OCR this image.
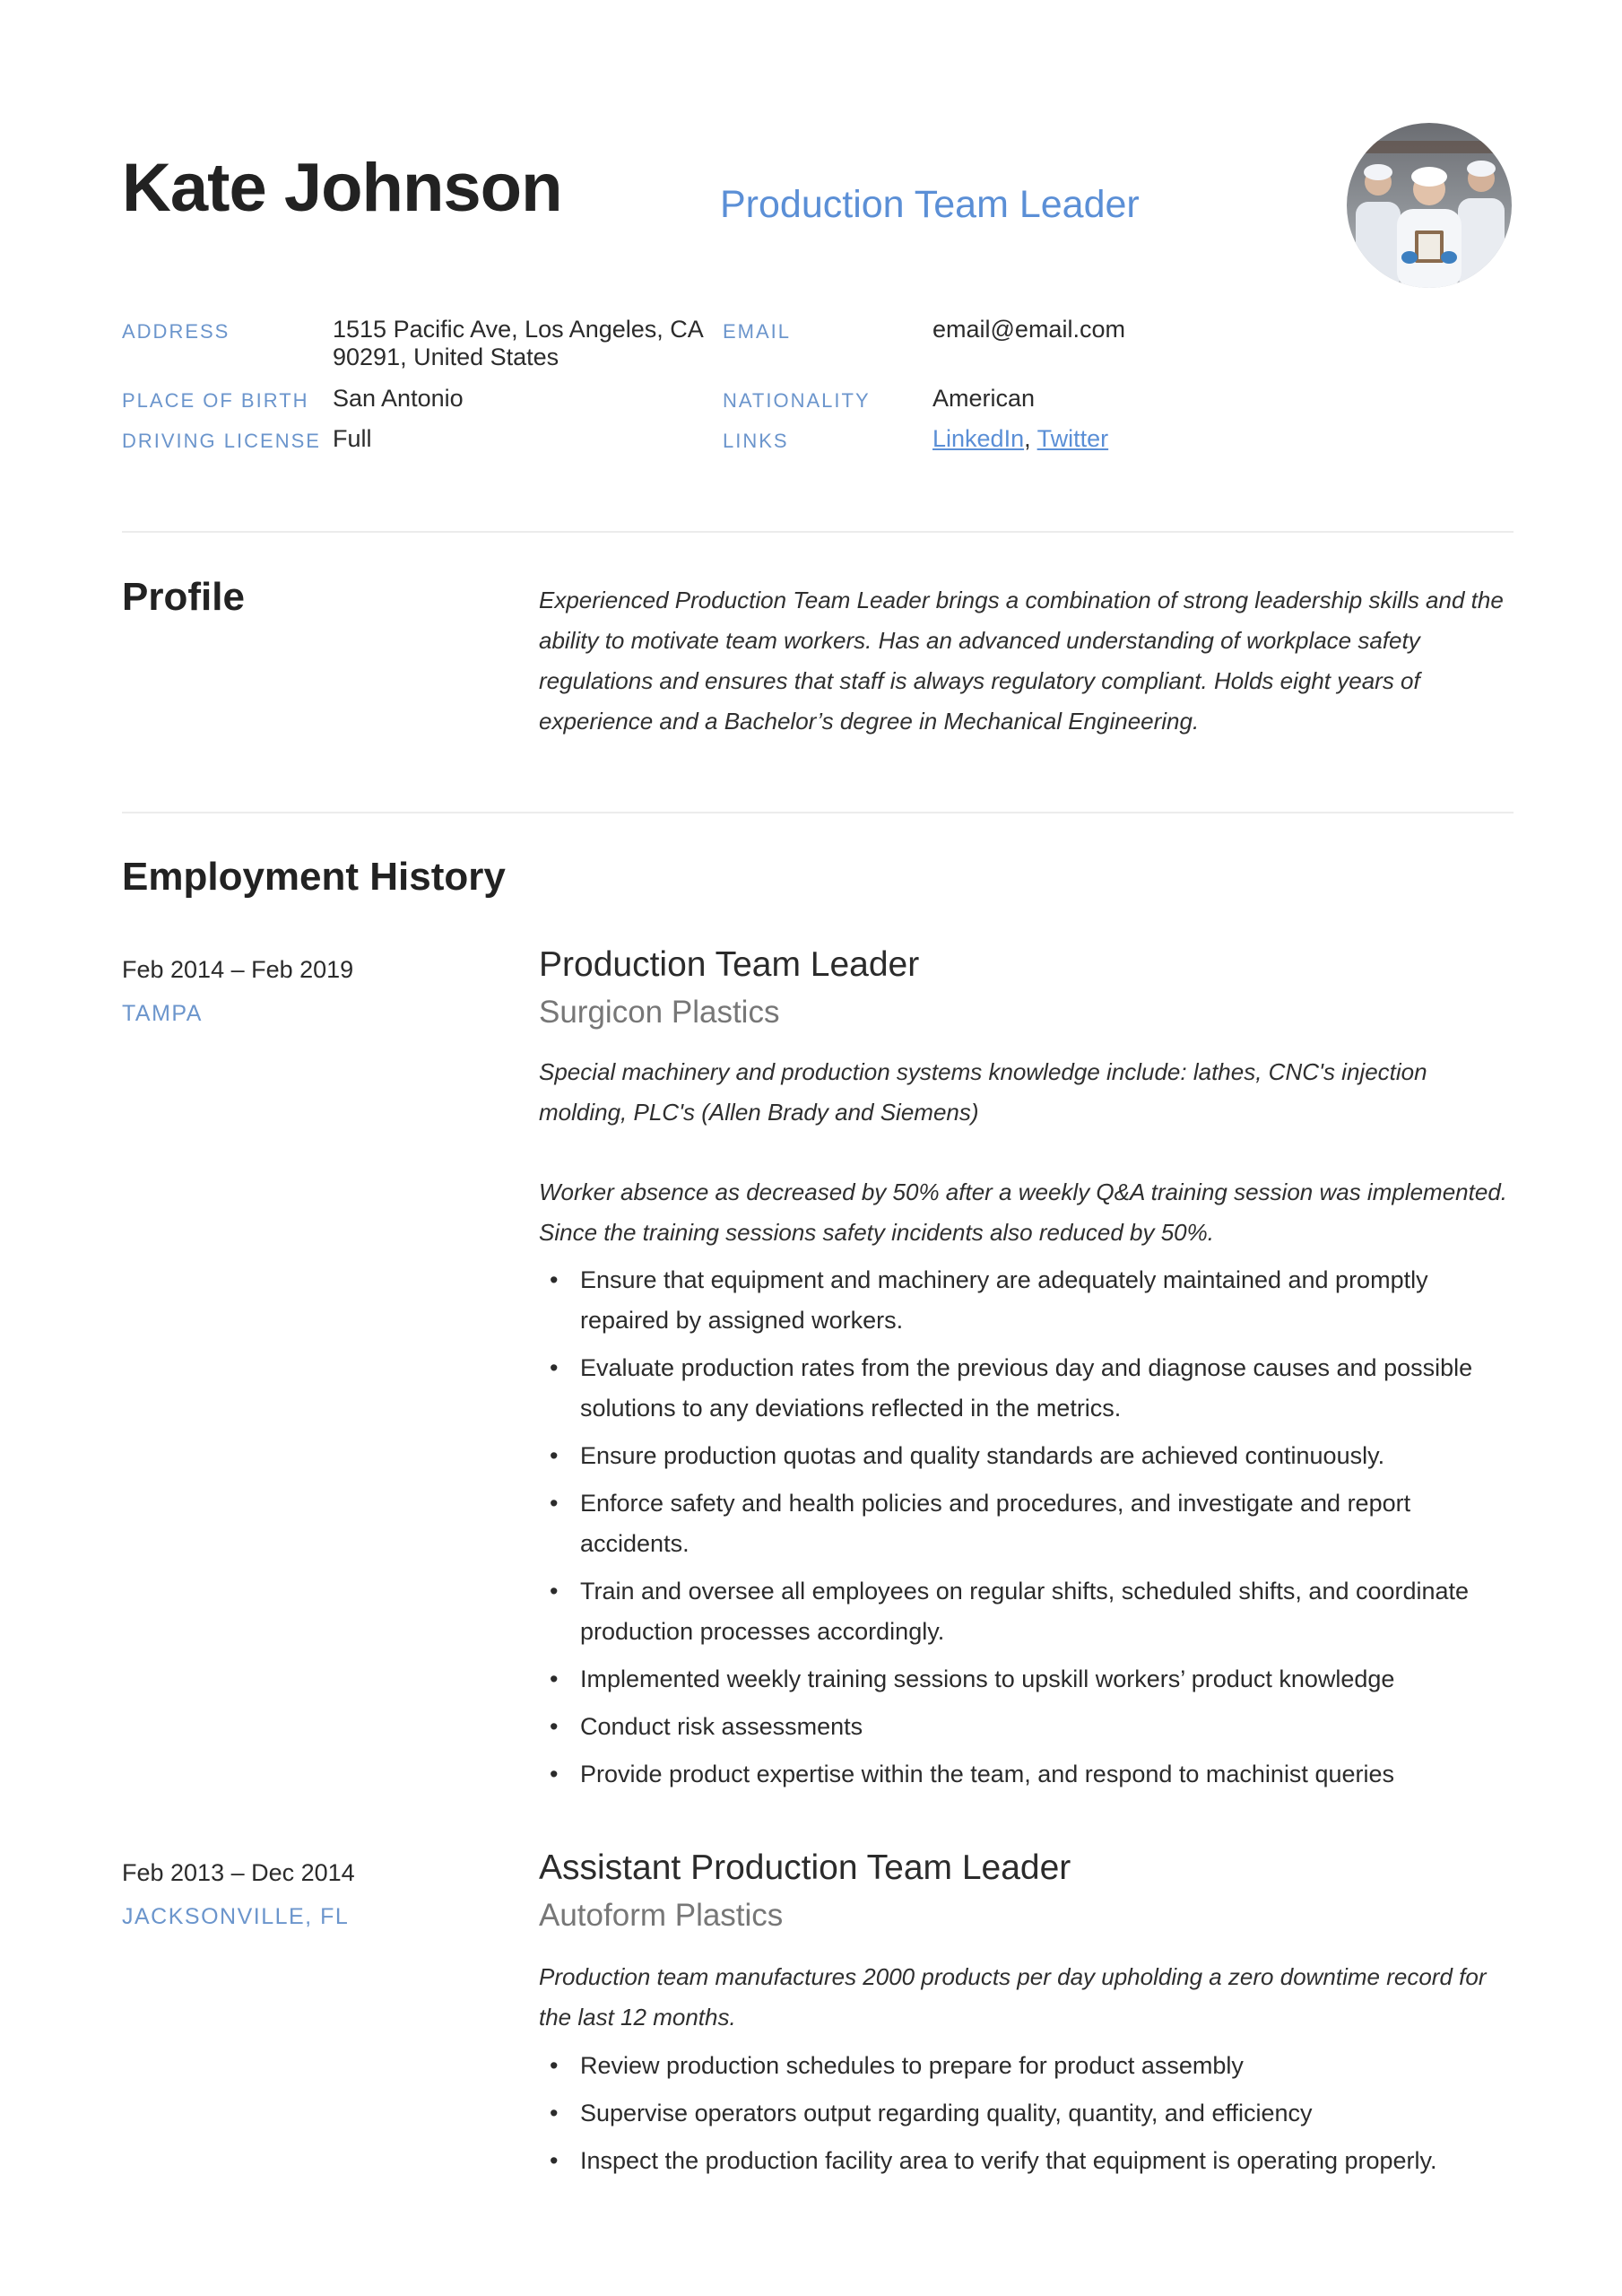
Kate Johnson	Production Team Leader
ADDRESS	1515 Pacific Ave, Los Angeles, CA
90291, United States
EMAIL	email@email.com
PLACE OF BIRTH San Antonio	NATIONALITY	American
DRIVING LICENSE Full	LINKS	LinkedIn, Twitter
Profile	Experienced Production Team Leader brings a combination of strong leadership skills and the ability to motivate team workers. Has an advanced understanding of workplace safety regulations and ensures that staff is always regulatory compliant. Holds eight years of experience and a Bachelor’s degree in Mechanical Engineering.
Employment History
Feb 2014 – Feb 2019
TAMPA
Production Team Leader
Surgicon Plastics
Special machinery and production systems knowledge include: lathes, CNC's injection molding, PLC's (Allen Brady and Siemens)
Worker absence as decreased by 50% after a weekly Q&A training session was implemented. Since the training sessions safety incidents also reduced by 50%.
• Ensure that equipment and machinery are adequately maintained and promptly repaired by assigned workers.
• Evaluate production rates from the previous day and diagnose causes and possible solutions to any deviations reflected in the metrics.
• Ensure production quotas and quality standards are achieved continuously.
• Enforce safety and health policies and procedures, and investigate and report accidents.
• Train and oversee all employees on regular shifts, scheduled shifts, and coordinate production processes accordingly.
• Implemented weekly training sessions to upskill workers’ product knowledge
• Conduct risk assessments
• Provide product expertise within the team, and respond to machinist queries
Feb 2013 – Dec 2014
JACKSONVILLE, FL
Assistant Production Team Leader
Autoform Plastics
Production team manufactures 2000 products per day upholding a zero downtime record for the last 12 months.
• Review production schedules to prepare for product assembly
• Supervise operators output regarding quality, quantity, and efficiency
• Inspect the production facility area to verify that equipment is operating properly.
